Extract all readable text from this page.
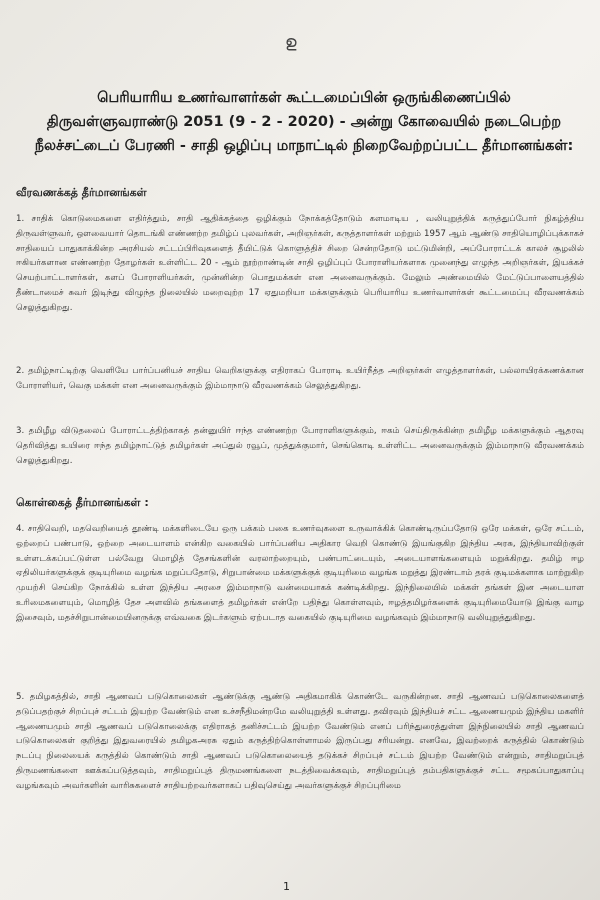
ഉ
பெரியாரிய உணர்வாளர்கள் கூட்டமைப்பின் ஒருங்கிணைப்பில் திருவள்ளுவராண்டு 2051 (9 - 2 - 2020) - அன்று கோவையில் நடைபெற்ற நீலச்சட்டைப் பேரணி - சாதி ஒழிப்பு மாநாட்டில் நிறைவேற்றப்பட்ட தீர்மானங்கள்:
வீரவணக்கத் தீர்மானங்கள்
1. சாதிக் கொடுமைகளை எதிர்த்தும், சாதி ஆதிக்கத்தை ஒழிக்கும் நோக்கத்தோடும் களமாடிய , வலியுறுத்திக் கருத்துப்போர் நிகழ்த்திய திருவள்ளுவர், ஔவையார் தொடங்கி எண்ணற்ற தமிழ்ப் புலவர்கள், அறிஞர்கள், கருத்தாளர்கள் மற்றும் 1957 ஆம் ஆண்டு சாதியொழிப்புக்காகச் சாதியைப் பாதுகாக்கின்ற அரசியல் சட்டப்பிரிவுகளைத் தீயிட்டுக் கொளுத்திச் சிறை சென்றதோடு மட்டுமின்றி, அப்போராட்டக் காலச் சூழலில் ஈகியர்களான எண்ணற்ற தோழர்கள் உள்ளிட்ட 20 - ஆம் நூற்றாண்டின் சாதி ஒழிப்புப் போராளியர்களாக முனைந்து எழுந்த அறிஞர்கள், இயக்கச் செயற்பாட்டாளர்கள், களப் போராளியர்கள், முன்னின்ற பொதுமக்கள் என அனைவருக்கும். மேலும் அண்மையில் மேட்டுப்பாளையத்தில் தீண்டாமைச் சுவர் இடிந்து விழுந்த நிலையில் மறைவுற்ற 17 ஏதுமறியா மக்களுக்கும் பெரியாரிய உணர்வாளர்கள் கூட்டமைப்பு வீரவணக்கம் செலுத்துகிறது.
2. தமிழ்நாட்டிற்கு வெளியே பார்ப்பனியச் சாதிய வெறிகளுக்கு எதிராகப் போராடி உயிர்நீத்த அறிஞர்கள் எழுத்தாளர்கள், பல்லாயிரக்கணக்கான போராளியர், வெகு மக்கள் என அனைவருக்கும் இம்மாநாடு வீரவணக்கம் செலுத்துகிறது.
3. தமிழீழ விடுதலைப் போராட்டத்திற்காகத் தன்னுயிர் ஈந்த எண்ணற்ற போராளிகளுக்கும், ஈகம் செய்திருக்கின்ற தமிழீழ மக்களுக்கும் ஆதரவு தெரிவித்து உயிரை ஈந்த தமிழ்நாட்டுத் தமிழர்கள் அப்துல் ரவூப், முத்துக்குமார், செங்கொடி உள்ளிட்ட அனைவருக்கும் இம்மாநாடு வீரவணக்கம் செலுத்துகிறது.
கொள்கைத் தீர்மானங்கள் :
4. சாதிவெறி, மதவெறியைத் தூண்டி மக்களிடையே ஒரு பக்கம் பகை உணர்வுகளை உருவாக்கிக் கொண்டிருப்பதோடு ஒரே மக்கள், ஒரே சட்டம், ஒற்றைப் பண்பாடு, ஒற்றை அடையாளம் என்கிற வகையில் பார்ப்பனிய அதிகார வெறி கொண்டு இயங்குகிற இந்திய அரசு, இந்தியாவிற்குள் உள்ளடக்கப்பட்டுள்ள பல்வேறு மொழித் தேசங்களின் வரலாற்றையும், பண்பாட்டையும், அடையாளங்களையும் மறுக்கிறது. தமிழ் ஈழ ஏதிலியர்களுக்குக் குடியுரிமை வழங்க மறுப்பதோடு, சிறுபான்மை மக்களுக்குக் குடியுரிமை வழங்க மறுத்து இரண்டாம் தரக் குடிமக்களாக மாற்றுகிற முயற்சி செய்கிற நோக்கில் உள்ள இந்திய அரசை இம்மாநாடு வன்மையாகக் கண்டிக்கிறது. இந்நிலையில் மக்கள் தங்கள் இன அடையாள உரிமைகளையும், மொழித் தேச அளவில் தங்களைத் தமிழர்கள் என்றே பதிந்து கொள்ளவும், ஈழத்தமிழர்களைக் குடியுரிமையோடு இங்கு வாழ இசைவும், மதச்சிறுபான்மையினருக்கு எவ்வகை இடர்களும் ஏற்படாத வகையில் குடியுரிமை வழங்கவும் இம்மாநாடு வலியுறுத்துகிறது.
5. தமிழகத்தில், சாதி ஆணவப் படுகொலைகள் ஆண்டுக்கு ஆண்டு அதிகமாகிக் கொண்டே வருகின்றன. சாதி ஆணவப் படுகொலைகளைத் தடுப்பதற்குச் சிறப்புச் சட்டம் இயற்ற வேண்டும் என உச்சநீதிமன்றமே வலியுறுத்தி உள்ளது. தவிரவும் இந்தியச் சட்ட ஆணையமும் இந்திய மகளிர் ஆணையமும் சாதி ஆணவப் படுகொலைக்கு எதிராகத் தனிச்சட்டம் இயற்ற வேண்டும் எனப் பரிந்துரைத்துள்ள இந்நிலையில் சாதி ஆணவப் படுகொலைகள் குறித்து இதுவரையில் தமிழகஅரசு ஏதும் கருத்திற்கொள்ளாமல் இருப்பது சரியன்று. எனவே, இவற்றைக் கருத்தில் கொண்டும் நடப்பு நிலையைக் கருத்தில் கொண்டும் சாதி ஆணவப் படுகொலையைத் தடுக்கச் சிறப்புச் சட்டம் இயற்ற வேண்டும் என்றும், சாதிமறுப்புத் திருமணங்களை ஊக்கப்படுத்தவும், சாதிமறுப்புத் திருமணங்களை நடத்திவைக்கவும், சாதிமறுப்புத் தம்பதிகளுக்குச் சட்ட சமூகப்பாதுகாப்பு வழங்கவும் அவர்களின் வாரிசுகளைச் சாதியற்றவர்களாகப் பதிவுசெய்து அவர்களுக்குச் சிறப்புரிமை
1
